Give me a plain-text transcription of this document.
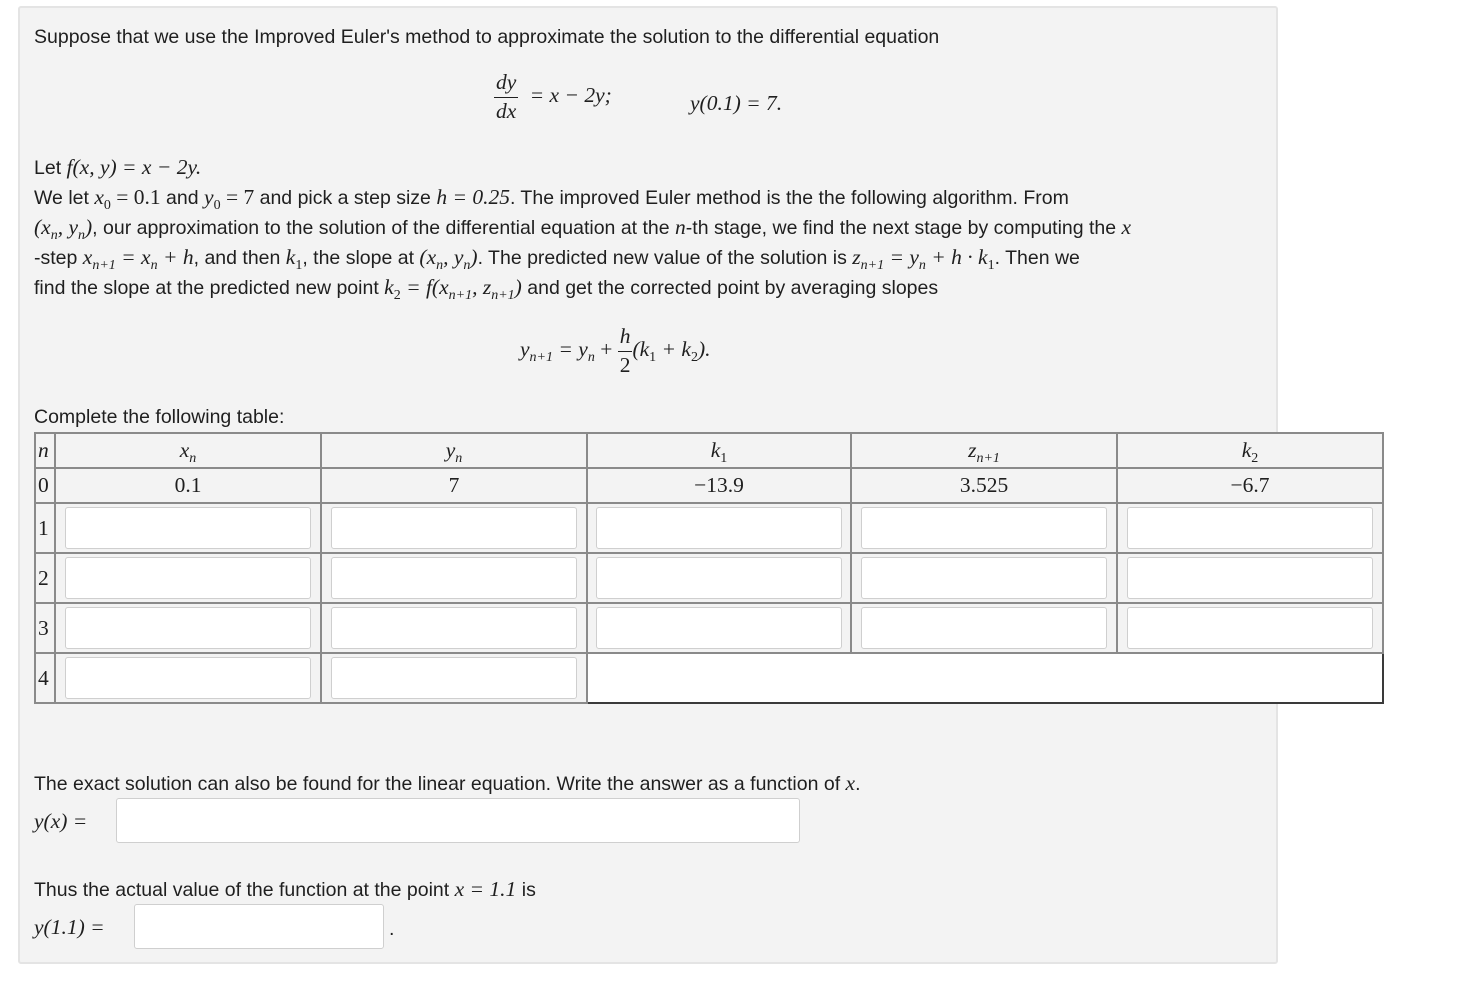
Suppose that we use the Improved Euler's method to approximate the solution to the differential equation
$\frac{dy}{dx} = x - 2y$;	y(0.1) = 7.
Let f(x, y) = x − 2y.
We let $x_0 = 0.1$ and $y_0 = 7$ and pick a step size h = 0.25. The improved Euler method is the the following algorithm. From
($x_n$, $y_n$), our approximation to the solution of the differential equation at the n-th stage, we find the next stage by computing the x
-step $x_{n+1} = x_n + h$, and then $k_1$, the slope at ($x_n$, $y_n$). The predicted new value of the solution is $z_{n+1} = y_n + h \cdot k_1$. Then we
find the slope at the predicted new point $k_2 = f(x_{n+1}$, $z_{n+1}$) and get the corrected point by averaging slopes
$y_{n+1} = y_n + \frac{h}{2} (k_1 + k_2)$.
Complete the following table:
n	$x_n$	$y_n$	$k_1$	$z_{n+1}$	$k_2$
0	0.1	7	−13.9	3.525	−6.7
1	

2	

3	

4	

The exact solution can also be found for the linear equation. Write the answer as a function of x.
y(x) =
Thus the actual value of the function at the point x = 1.1 is
y(1.1) =	.
